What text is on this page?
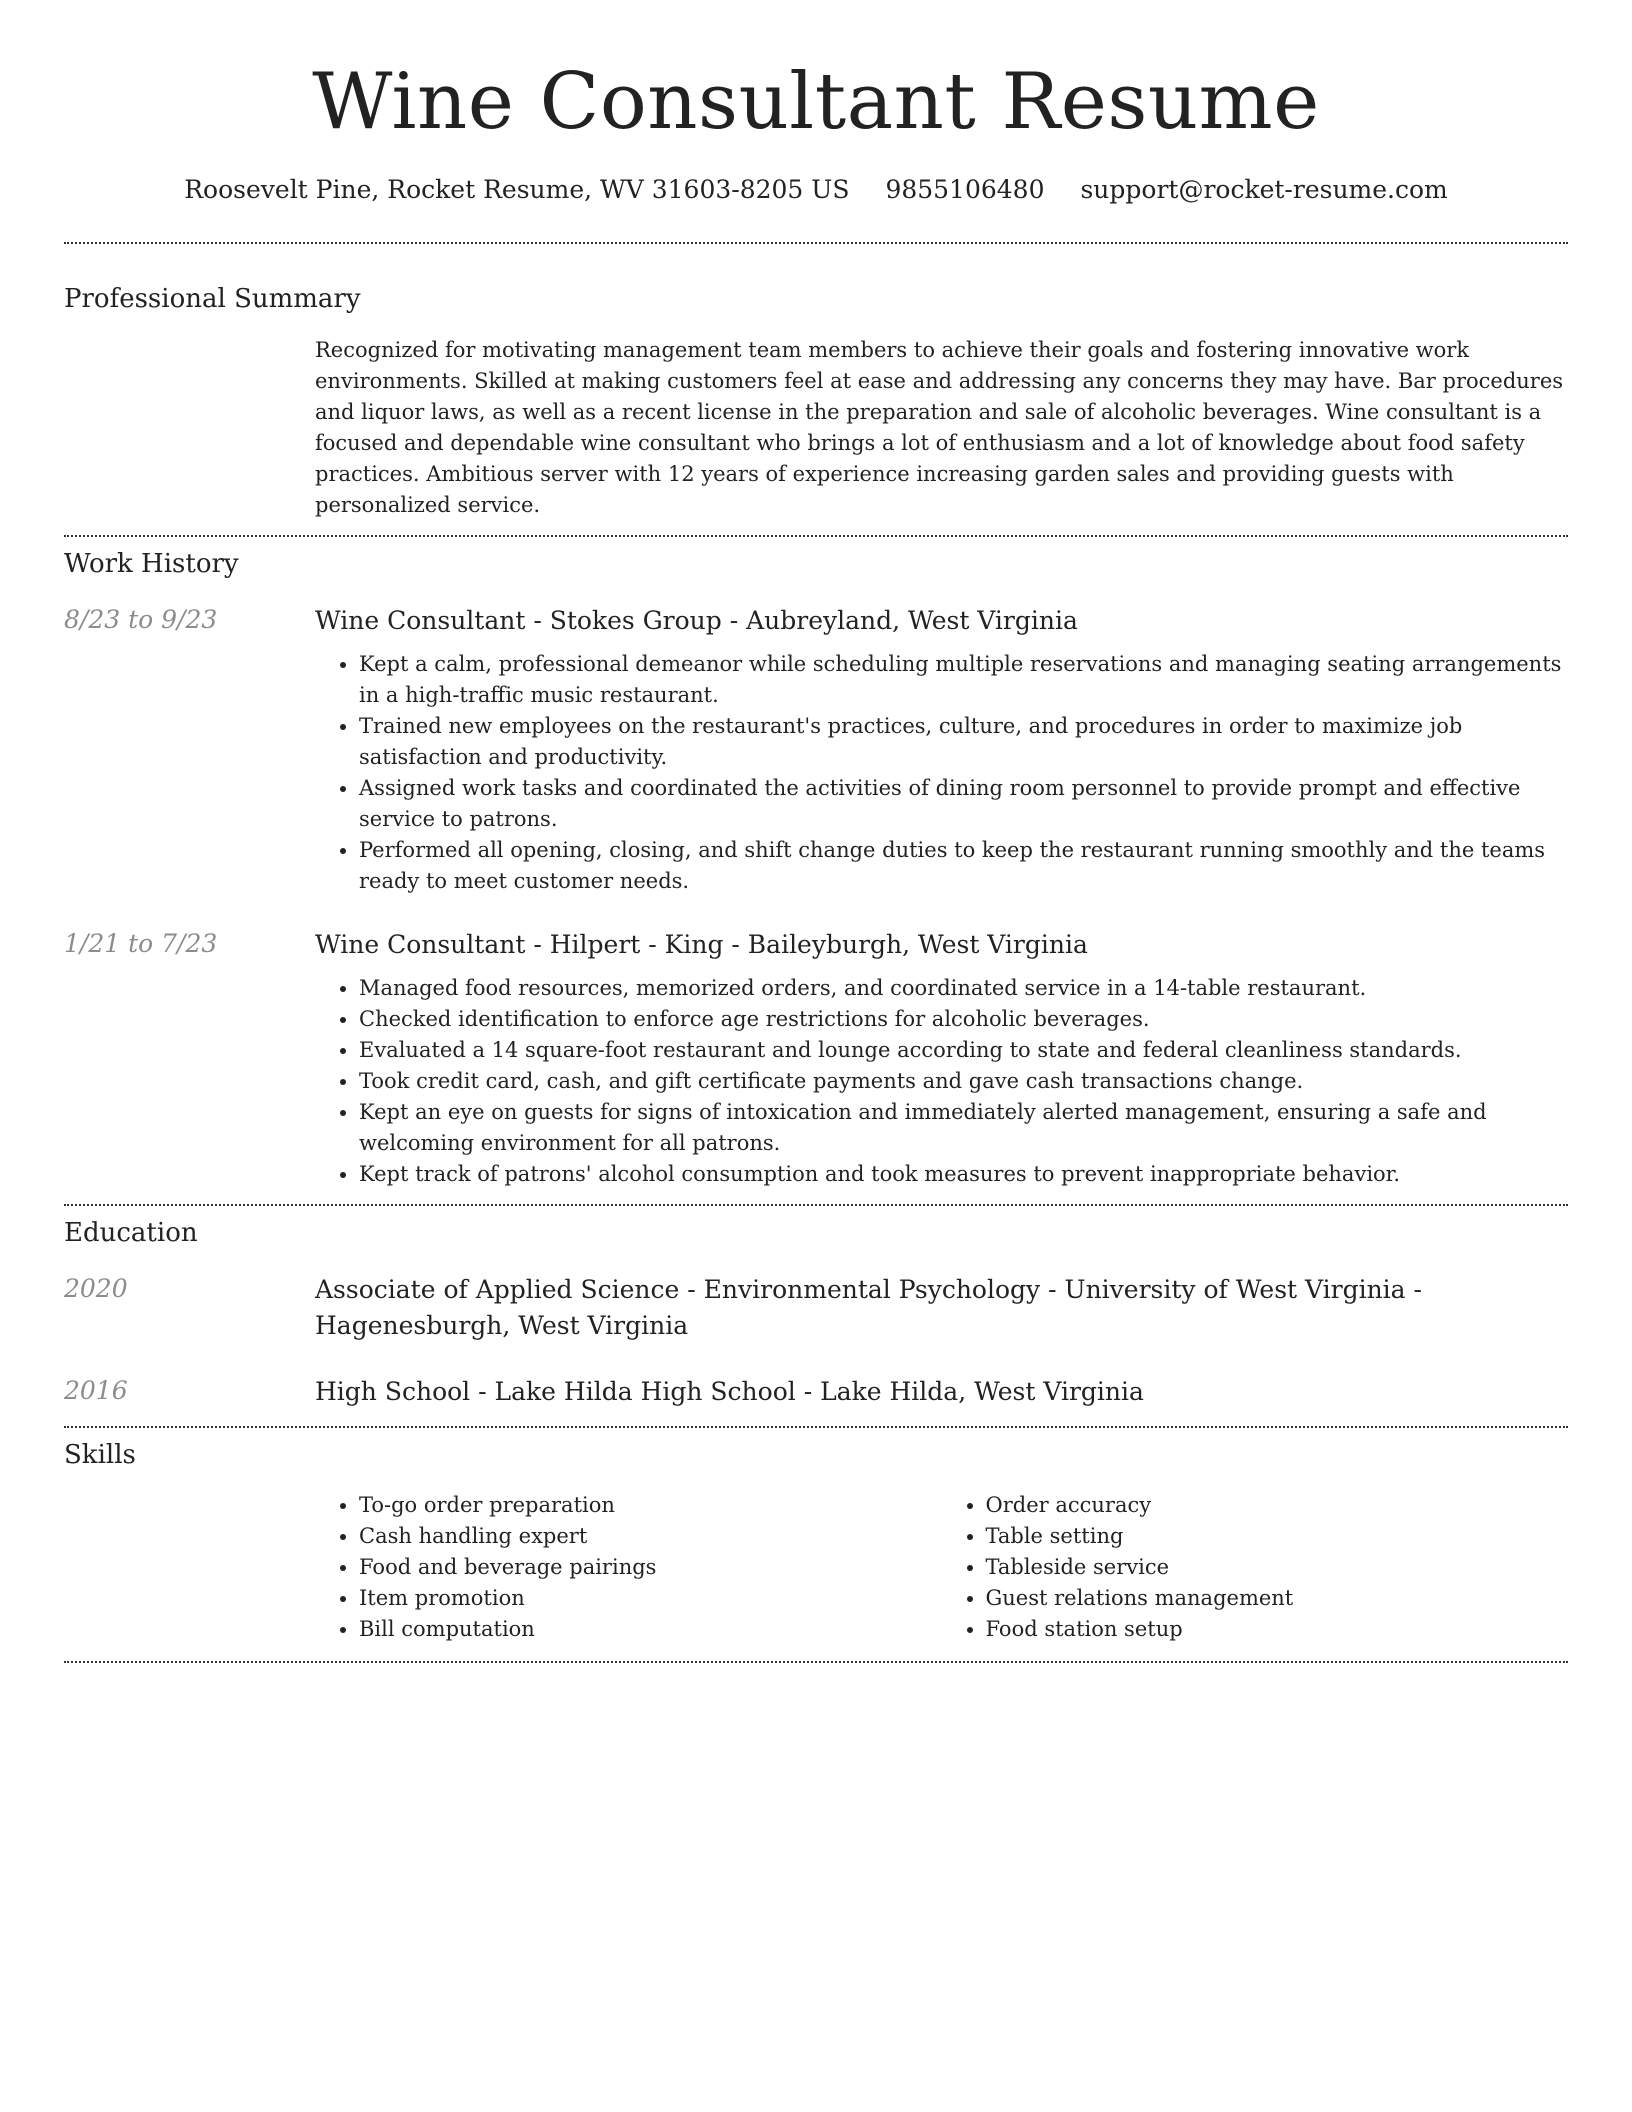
Wine Consultant Resume
Roosevelt Pine, Rocket Resume, WV 31603-8205 US 9855106480 support@rocket-resume.com
Professional Summary

Recognized for motivating management team members to achieve their goals and fostering innovative work environments. Skilled at making customers feel at ease and addressing any concerns they may have. Bar procedures and liquor laws, as well as a recent license in the preparation and sale of alcoholic beverages. Wine consultant is a focused and dependable wine consultant who brings a lot of enthusiasm and a lot of knowledge about food safety practices. Ambitious server with 12 years of experience increasing garden sales and providing guests with personalized service.

Work History
8/23 to 9/23	Wine Consultant - Stokes Group - Aubreyland, West Virginia
• Kept a calm, professional demeanor while scheduling multiple reservations and managing seating arrangements in a high-traffic music restaurant.
• Trained new employees on the restaurant's practices, culture, and procedures in order to maximize job satisfaction and productivity.
• Assigned work tasks and coordinated the activities of dining room personnel to provide prompt and effective service to patrons.
• Performed all opening, closing, and shift change duties to keep the restaurant running smoothly and the teams ready to meet customer needs.
1/21 to 7/23	Wine Consultant - Hilpert - King - Baileyburgh, West Virginia
• Managed food resources, memorized orders, and coordinated service in a 14-table restaurant.
• Checked identification to enforce age restrictions for alcoholic beverages.
• Evaluated a 14 square-foot restaurant and lounge according to state and federal cleanliness standards.
• Took credit card, cash, and gift certificate payments and gave cash transactions change.
• Kept an eye on guests for signs of intoxication and immediately alerted management, ensuring a safe and welcoming environment for all patrons.
• Kept track of patrons' alcohol consumption and took measures to prevent inappropriate behavior.
Education
2020	Associate of Applied Science - Environmental Psychology - University of West Virginia - Hagenesburgh, West Virginia
2016	High School - Lake Hilda High School - Lake Hilda, West Virginia
Skills
• To-go order preparation
• Cash handling expert
• Food and beverage pairings
• Item promotion
• Bill computation
• Order accuracy
• Table setting
• Tableside service
• Guest relations management
• Food station setup
